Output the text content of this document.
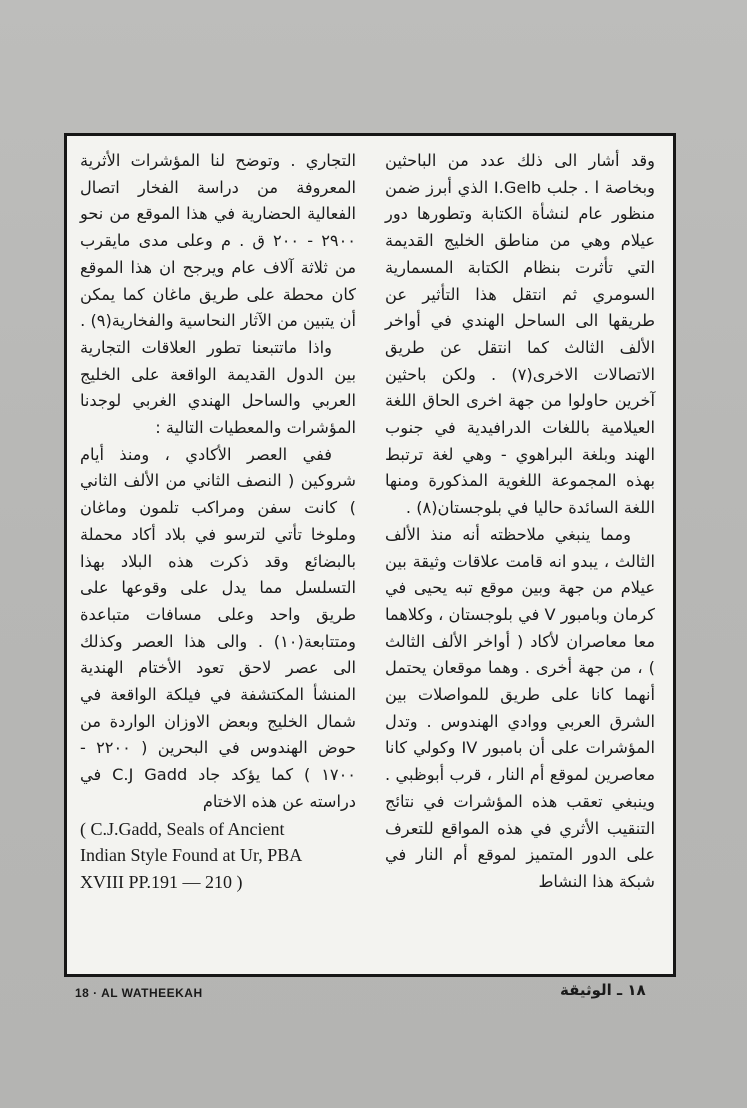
وقد أشار الى ذلك عدد من الباحثين وبخاصة ا . جلب I.Gelb الذي أبرز ضمن منظور عام لنشأة الكتابة وتطورها دور عيلام وهي من مناطق الخليج القديمة التي تأثرت بنظام الكتابة المسمارية السومري ثم انتقل هذا التأثير عن طريقها الى الساحل الهندي في أواخر الألف الثالث كما انتقل عن طريق الاتصالات الاخرى(٧) . ولكن باحثين آخرين حاولوا من جهة اخرى الحاق اللغة العيلامية باللغات الدرافيدية في جنوب الهند وبلغة البراهوي - وهي لغة ترتبط بهذه المجموعة اللغوية المذكورة ومنها اللغة السائدة حاليا في بلوجستان(٨) .

ومما ينبغي ملاحظته أنه منذ الألف الثالث ، يبدو انه قامت علاقات وثيقة بين عيلام من جهة وبين موقع تبه يحيى في كرمان وبامبور V في بلوجستان ، وكلاهما معا معاصران لأكاد ( أواخر الألف الثالث ) ، من جهة أخرى . وهما موقعان يحتمل أنهما كانا على طريق للمواصلات بين الشرق العربي ووادي الهندوس . وتدل المؤشرات على أن بامبور IV وكولي كانا معاصرين لموقع أم النار ، قرب أبوظبي . وينبغي تعقب هذه المؤشرات في نتائج التنقيب الأثري في هذه المواقع للتعرف على الدور المتميز لموقع أم النار في شبكة هذا النشاط

التجاري . وتوضح لنا المؤشرات الأثرية المعروفة من دراسة الفخار اتصال الفعالية الحضارية في هذا الموقع من نحو ٢٩٠٠ - ٢٠٠ ق . م وعلى مدى مايقرب من ثلاثة آلاف عام ويرجح ان هذا الموقع كان محطة على طريق ماغان كما يمكن أن يتبين من الآثار النحاسية والفخارية(٩) .

واذا ماتتبعنا تطور العلاقات التجارية بين الدول القديمة الواقعة على الخليج العربي والساحل الهندي الغربي لوجدنا المؤشرات والمعطيات التالية :

ففي العصر الأكادي ، ومنذ أيام شروكين ( النصف الثاني من الألف الثاني ) كانت سفن ومراكب تلمون وماغان وملوخا تأتي لترسو في بلاد أكاد محملة بالبضائع وقد ذكرت هذه البلاد بهذا التسلسل مما يدل على وقوعها على طريق واحد وعلى مسافات متباعدة ومتتابعة(١٠) . والى هذا العصر وكذلك الى عصر لاحق تعود الأختام الهندية المنشأ المكتشفة في فيلكة الواقعة في شمال الخليج وبعض الاوزان الواردة من حوض الهندوس في البحرين ( ٢٢٠٠ - ١٧٠٠ ) كما يؤكد جاد C.J Gadd في دراسته عن هذه الاختام

( C.J.Gadd, Seals of Ancient
Indian Style Found at Ur, PBA
XVIII PP.191 — 210 )
18 · AL WATHEEKAH	١٨ ـ الوثيقة
